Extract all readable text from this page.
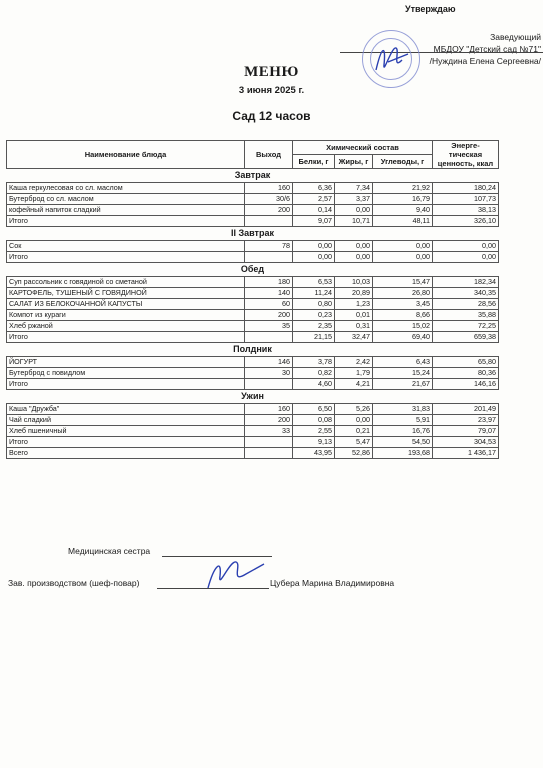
Утверждаю
Заведующий
МБДОУ "Детский сад №71"
/Нуждина Елена Сергеевна/
МЕНЮ
3 июня 2025 г.
Сад 12 часов
Наименование блюда	Выход	Химический состав			Энерге-тическая ценность, ккал
		Белки, г	Жиры, г	Углеводы, г	
Завтрак					
Каша геркулесовая со сл. маслом	160	6,36	7,34	21,92	180,24
Бутерброд со сл. маслом	30/6	2,57	3,37	16,79	107,73
кофейный напиток сладкий	200	0,14	0,00	9,40	38,13
Итого		9,07	10,71	48,11	326,10
II Завтрак					
Сок	78	0,00	0,00	0,00	0,00
Итого		0,00	0,00	0,00	0,00
Обед					
Суп рассольник с говядиной со сметаной	180	6,53	10,03	15,47	182,34
КАРТОФЕЛЬ, ТУШЕНЫЙ С ГОВЯДИНОЙ	140	11,24	20,89	26,80	340,35
САЛАТ ИЗ БЕЛОКОЧАННОЙ КАПУСТЫ	60	0,80	1,23	3,45	28,56
Компот из кураги	200	0,23	0,01	8,66	35,88
Хлеб ржаной	35	2,35	0,31	15,02	72,25
Итого		21,15	32,47	69,40	659,38
Полдник					
ЙОГУРТ	146	3,78	2,42	6,43	65,80
Бутерброд с повидлом	30	0,82	1,79	15,24	80,36
Итого		4,60	4,21	21,67	146,16
Ужин					
Каша "Дружба"	160	6,50	5,26	31,83	201,49
Чай сладкий	200	0,08	0,00	5,91	23,97
Хлеб пшеничный	33	2,55	0,21	16,76	79,07
Итого		9,13	5,47	54,50	304,53
Всего		43,95	52,86	193,68	1 436,17
Медицинская сестра
Зав. производством (шеф-повар)	Цубера Марина Владимировна
